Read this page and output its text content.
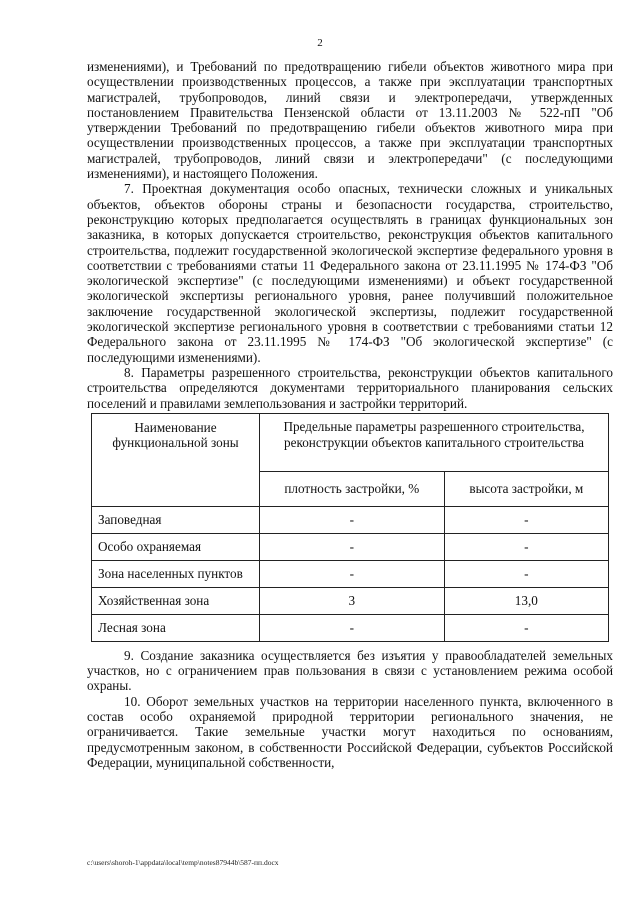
2

изменениями), и Требований по предотвращению гибели объектов животного мира при осуществлении производственных процессов, а также при эксплуатации транспортных магистралей, трубопроводов, линий связи и электропередачи, утвержденных постановлением Правительства Пензенской области от 13.11.2003 № 522-пП "Об утверждении Требований по предотвращению гибели объектов животного мира при осуществлении производственных процессов, а также при эксплуатации транспортных магистралей, трубопроводов, линий связи и электропередачи" (с последующими изменениями), и настоящего Положения.

7. Проектная документация особо опасных, технически сложных и уникальных объектов, объектов обороны страны и безопасности государства, строительство, реконструкцию которых предполагается осуществлять в границах функциональных зон заказника, в которых допускается строительство, реконструкция объектов капитального строительства, подлежит государственной экологической экспертизе федерального уровня в соответствии с требованиями статьи 11 Федерального закона от 23.11.1995 № 174-ФЗ "Об экологической экспертизе" (с последующими изменениями) и объект государственной экологической экспертизы регионального уровня, ранее получивший положительное заключение государственной экологической экспертизы, подлежит государственной экологической экспертизе регионального уровня в соответствии с требованиями статьи 12 Федерального закона от 23.11.1995 № 174-ФЗ "Об экологической экспертизе" (с последующими изменениями).

8. Параметры разрешенного строительства, реконструкции объектов капитального строительства определяются документами территориального планирования сельских поселений и правилами землепользования и застройки территорий.

Наименование функциональной зоны	Предельные параметры разрешенного строительства, реконструкции объектов капитального строительства	
	плотность застройки, %	высота застройки, м
Заповедная	-	-
Особо охраняемая	-	-
Зона населенных пунктов	-	-
Хозяйственная зона	3	13,0
Лесная зона	-	-

9. Создание заказника осуществляется без изъятия у правообладателей земельных участков, но с ограничением прав пользования в связи с установлением режима особой охраны.

10. Оборот земельных участков на территории населенного пункта, включенного в состав особо охраняемой природной территории регионального значения, не ограничивается. Такие земельные участки могут находиться по основаниям, предусмотренным законом, в собственности Российской Федерации, субъектов Российской Федерации, муниципальной собственности,

c:\users\shoroh-1\appdata\local\temp\notes87944b\587-пп.docx
